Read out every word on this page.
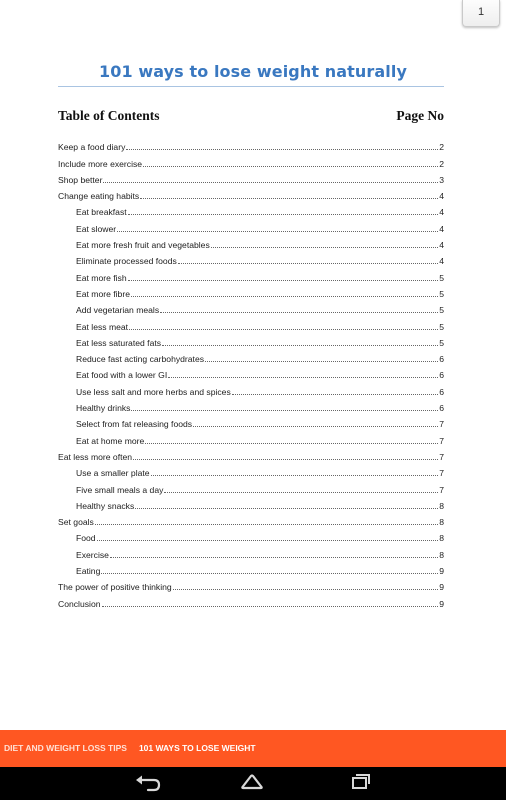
1
101 ways to lose weight naturally
Table of Contents	Page No
Keep a food diary	2
Include more exercise	2
Shop better	3
Change eating habits	4
Eat breakfast	4
Eat slower	4
Eat more fresh fruit and vegetables	4
Eliminate processed foods	4
Eat more fish	5
Eat more fibre	5
Add vegetarian meals	5
Eat less meat	5
Eat less saturated fats	5
Reduce fast acting carbohydrates	6
Eat food with a lower GI	6
Use less salt and more herbs and spices	6
Healthy drinks	6
Select from fat releasing foods	7
Eat at home more	7
Eat less more often	7
Use a smaller plate	7
Five small meals a day	7
Healthy snacks	8
Set goals	8
Food	8
Exercise	8
Eating	9
The power of positive thinking	9
Conclusion	9
DIET AND WEIGHT LOSS TIPS	101 WAYS TO LOSE WEIGHT
